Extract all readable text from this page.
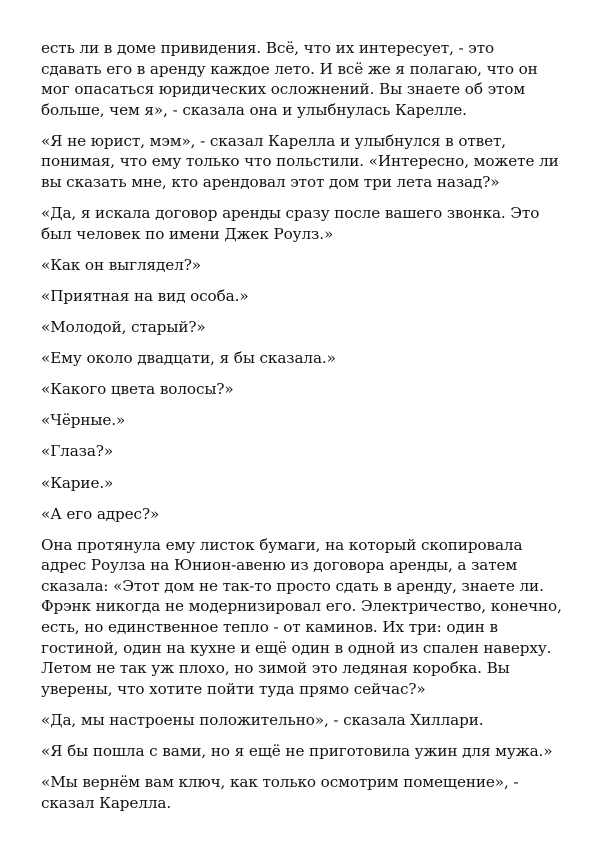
есть ли в доме привидения. Всё, что их интересует, - это
сдавать его в аренду каждое лето. И всё же я полагаю, что он
мог опасаться юридических осложнений. Вы знаете об этом
больше, чем я», - сказала она и улыбнулась Карелле.

«Я не юрист, мэм», - сказал Карелла и улыбнулся в ответ,
понимая, что ему только что польстили. «Интересно, можете ли
вы сказать мне, кто арендовал этот дом три лета назад?»

«Да, я искала договор аренды сразу после вашего звонка. Это
был человек по имени Джек Роулз.»

«Как он выглядел?»

«Приятная на вид особа.»

«Молодой, старый?»

«Ему около двадцати, я бы сказала.»

«Какого цвета волосы?»

«Чёрные.»

«Глаза?»

«Карие.»

«А его адрес?»

Она протянула ему листок бумаги, на который скопировала
адрес Роулза на Юнион-авеню из договора аренды, а затем
сказала: «Этот дом не так-то просто сдать в аренду, знаете ли.
Фрэнк никогда не модернизировал его. Электричество, конечно,
есть, но единственное тепло - от каминов. Их три: один в
гостиной, один на кухне и ещё один в одной из спален наверху.
Летом не так уж плохо, но зимой это ледяная коробка. Вы
уверены, что хотите пойти туда прямо сейчас?»

«Да, мы настроены положительно», - сказала Хиллари.

«Я бы пошла с вами, но я ещё не приготовила ужин для мужа.»

«Мы вернём вам ключ, как только осмотрим помещение», -
сказал Карелла.
